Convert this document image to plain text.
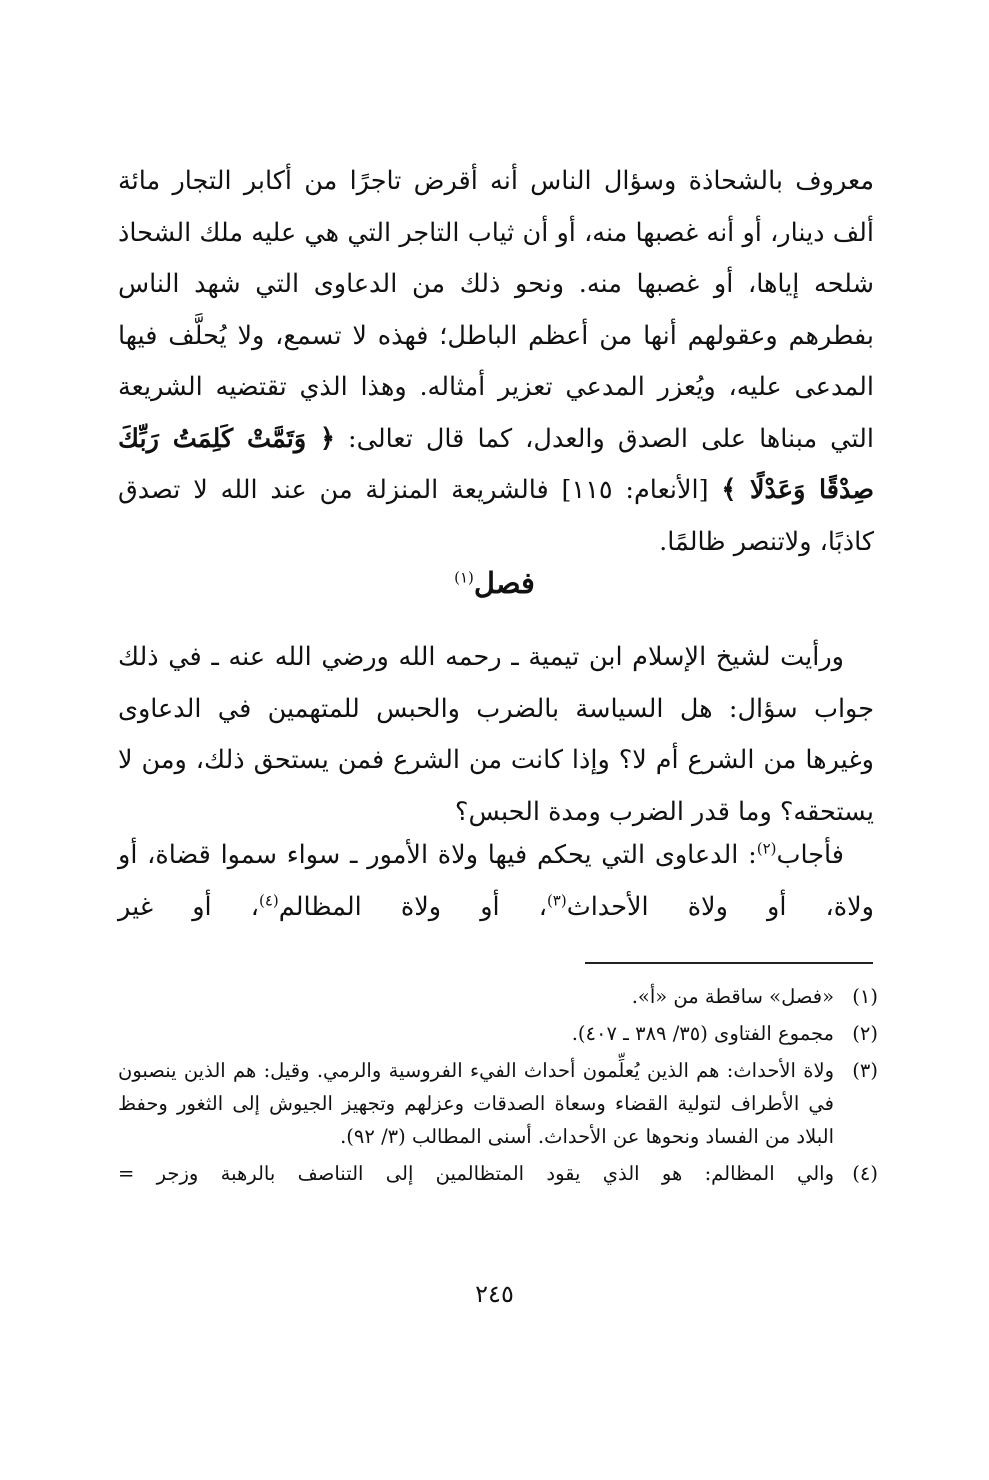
معروف بالشحاذة وسؤال الناس أنه أقرض تاجرًا من أكابر التجار مائة ألف دينار، أو أنه غصبها منه، أو أن ثياب التاجر التي هي عليه ملك الشحاذ شلحه إياها، أو غصبها منه. ونحو ذلك من الدعاوى التي شهد الناس بفطرهم وعقولهم أنها من أعظم الباطل؛ فهذه لا تسمع، ولا يُحلَّف فيها المدعى عليه، ويُعزر المدعي تعزير أمثاله. وهذا الذي تقتضيه الشريعة التي مبناها على الصدق والعدل، كما قال تعالى: ﴿ وَتَمَّتْ كَلِمَتُ رَبِّكَ صِدْقًا وَعَدْلًا ﴾ [الأنعام: ١١٥] فالشريعة المنزلة من عند الله لا تصدق كاذبًا، ولاتنصر ظالمًا.

فصل$^{(١)}$

ورأيت لشيخ الإسلام ابن تيمية ـ رحمه الله ورضي الله عنه ـ في ذلك جواب سؤال: هل السياسة بالضرب والحبس للمتهمين في الدعاوى وغيرها من الشرع أم لا؟ وإذا كانت من الشرع فمن يستحق ذلك، ومن لا يستحقه؟ وما قدر الضرب ومدة الحبس؟

فأجاب$^{(٢)}$: الدعاوى التي يحكم فيها ولاة الأمور ـ سواء سموا قضاة، أو ولاة، أو ولاة الأحداث$^{(٣)}$، أو ولاة المظالم$^{(٤)}$، أو غير

(١)
«فصل» ساقطة من «أ».
(٢)
مجموع الفتاوى (٣٥/ ٣٨٩ ـ ٤٠٧).
(٣)
ولاة الأحداث: هم الذين يُعلِّمون أحداث الفيء الفروسية والرمي. وقيل: هم الذين ينصبون في الأطراف لتولية القضاء وسعاة الصدقات وعزلهم وتجهيز الجيوش إلى الثغور وحفظ البلاد من الفساد ونحوها عن الأحداث. أسنى المطالب (٣/ ٩٢).
(٤)
والي المظالم: هو الذي يقود المتظالمين إلى التناصف بالرهبة وزجر =
٢٤٥
